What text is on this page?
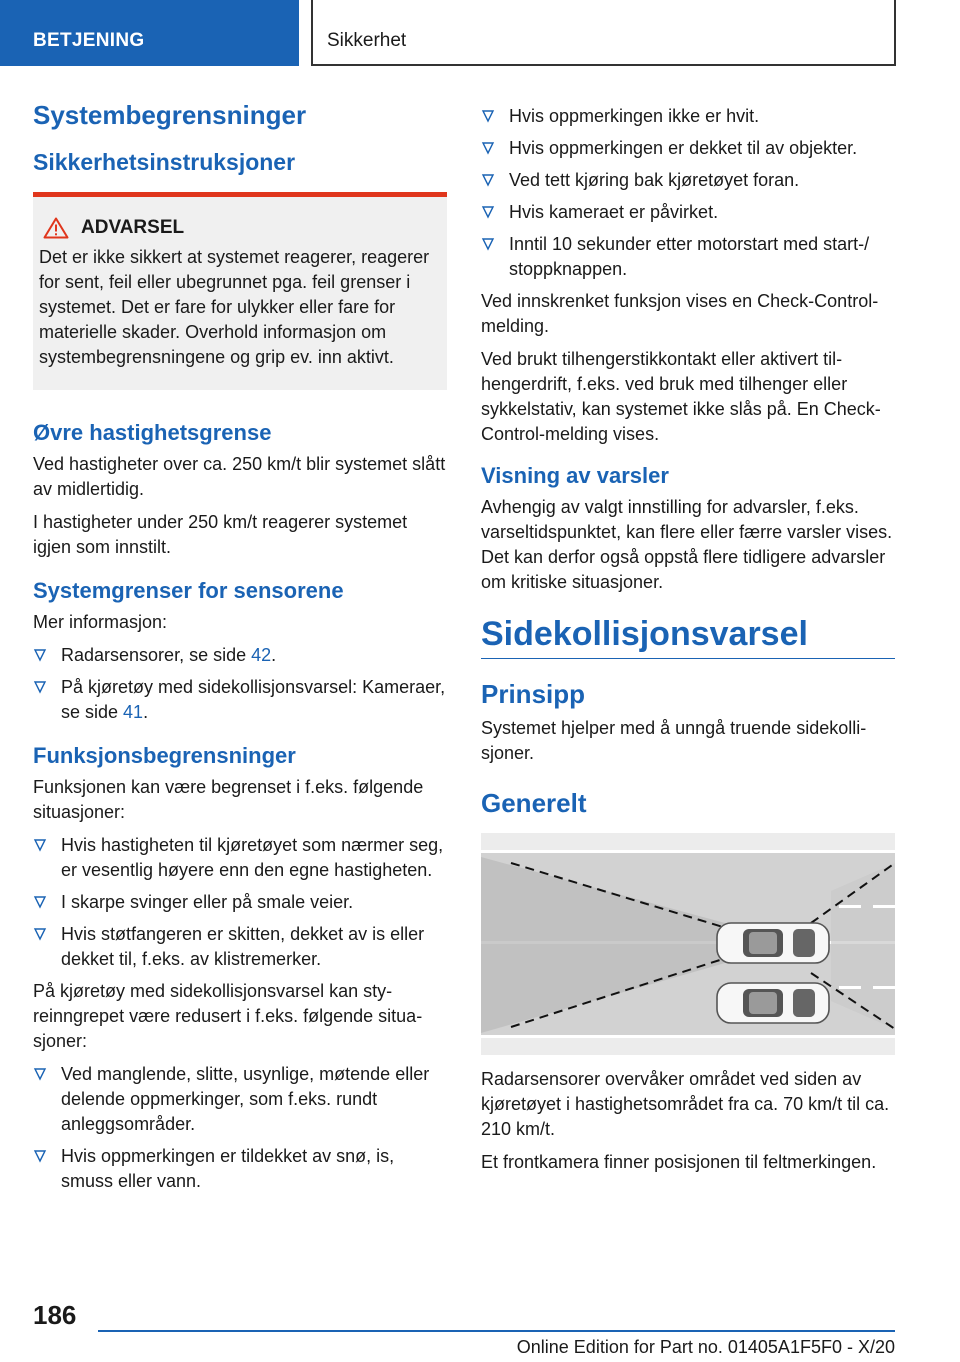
BETJENING	Sikkerhet
Systembegrensninger
Sikkerhetsinstruksjoner
ADVARSEL

Det er ikke sikkert at systemet reagerer, reagerer for sent, feil eller ubegrunnet pga. feil grenser i systemet. Det er fare for ulykker eller fare for materielle skader. Overhold informasjon om systembegrensningene og grip ev. inn aktivt.

Øvre hastighetsgrense

Ved hastigheter over ca. 250 km/t blir systemet slått av midlertidig.

I hastigheter under 250 km/t reagerer systemet igjen som innstilt.

Systemgrenser for sensorene

Mer informasjon:

Radarsensorer, se side 42.
På kjøretøy med sidekollisjonsvarsel: Kameraer, se side 41.
Funksjonsbegrensninger

Funksjonen kan være begrenset i f.eks. følgende situasjoner:

Hvis hastigheten til kjøretøyet som nærmer seg, er vesentlig høyere enn den egne hastigheten.
I skarpe svinger eller på smale veier.
Hvis støtfangeren er skitten, dekket av is eller dekket til, f.eks. av klistremerker.

På kjøretøy med sidekollisjonsvarsel kan styreinngrepet være redusert i f.eks. følgende situasjoner:

Ved manglende, slitte, usynlige, møtende eller delende oppmerkinger, som f.eks. rundt anleggsområder.
Hvis oppmerkingen er tildekket av snø, is, smuss eller vann.
Hvis oppmerkingen ikke er hvit.
Hvis oppmerkingen er dekket til av objekter.
Ved tett kjøring bak kjøretøyet foran.
Hvis kameraet er påvirket.
Inntil 10 sekunder etter motorstart med start-/ stoppknappen.

Ved innskrenket funksjon vises en Check-Control-melding.

Ved brukt tilhengerstikkontakt eller aktivert tilhengerdrift, f.eks. ved bruk med tilhenger eller sykkelstativ, kan systemet ikke slås på. En Check-Control-melding vises.

Visning av varsler

Avhengig av valgt innstilling for advarsler, f.eks. varseltidspunktet, kan flere eller færre varsler vises. Det kan derfor også oppstå flere tidligere advarsler om kritiske situasjoner.

Sidekollisjonsvarsel
Prinsipp

Systemet hjelper med å unngå truende sidekollisjoner.

Generelt

Radarsensorer overvåker området ved siden av kjøretøyet i hastighetsområdet fra ca. 70 km/t til ca. 210 km/t.

Et frontkamera finner posisjonen til feltmerkingen.

186
Online Edition for Part no. 01405A1F5F0 - X/20
